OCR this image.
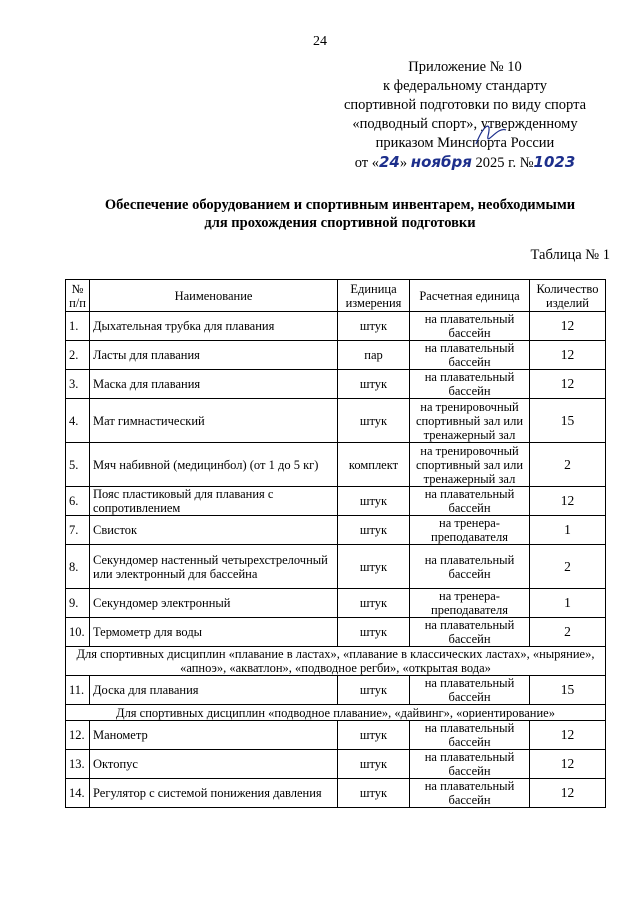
24
Приложение № 10
к федеральному стандарту
спортивной подготовки по виду спорта
«подводный спорт», утвержденному
приказом Минспорта России
от «24» ноября 2025 г. №1023
Обеспечение оборудованием и спортивным инвентарем, необходимыми
для прохождения спортивной подготовки
Таблица № 1
№ п/п	Наименование	Единица измерения	Расчетная единица	Количество изделий
1.	Дыхательная трубка для плавания	штук	на плавательный бассейн	12
2.	Ласты для плавания	пар	на плавательный бассейн	12
3.	Маска для плавания	штук	на плавательный бассейн	12
4.	Мат гимнастический	штук	на тренировочный спортивный зал или тренажерный зал	15
5.	Мяч набивной (медицинбол) (от 1 до 5 кг)	комплект	на тренировочный спортивный зал или тренажерный зал	2
6.	Пояс пластиковый для плавания с сопротивлением	штук	на плавательный бассейн	12
7.	Свисток	штук	на тренера-преподавателя	1
8.	Секундомер настенный четырехстрелочный или электронный для бассейна	штук	на плавательный бассейн	2
9.	Секундомер электронный	штук	на тренера-преподавателя	1
10.	Термометр для воды	штук	на плавательный бассейн	2
Для спортивных дисциплин «плавание в ластах», «плавание в классических ластах», «ныряние», «апноэ», «акватлон», «подводное регби», «открытая вода»				
11.	Доска для плавания	штук	на плавательный бассейн	15
Для спортивных дисциплин «подводное плавание», «дайвинг», «ориентирование»				
12.	Манометр	штук	на плавательный бассейн	12
13.	Октопус	штук	на плавательный бассейн	12
14.	Регулятор с системой понижения давления	штук	на плавательный бассейн	12
